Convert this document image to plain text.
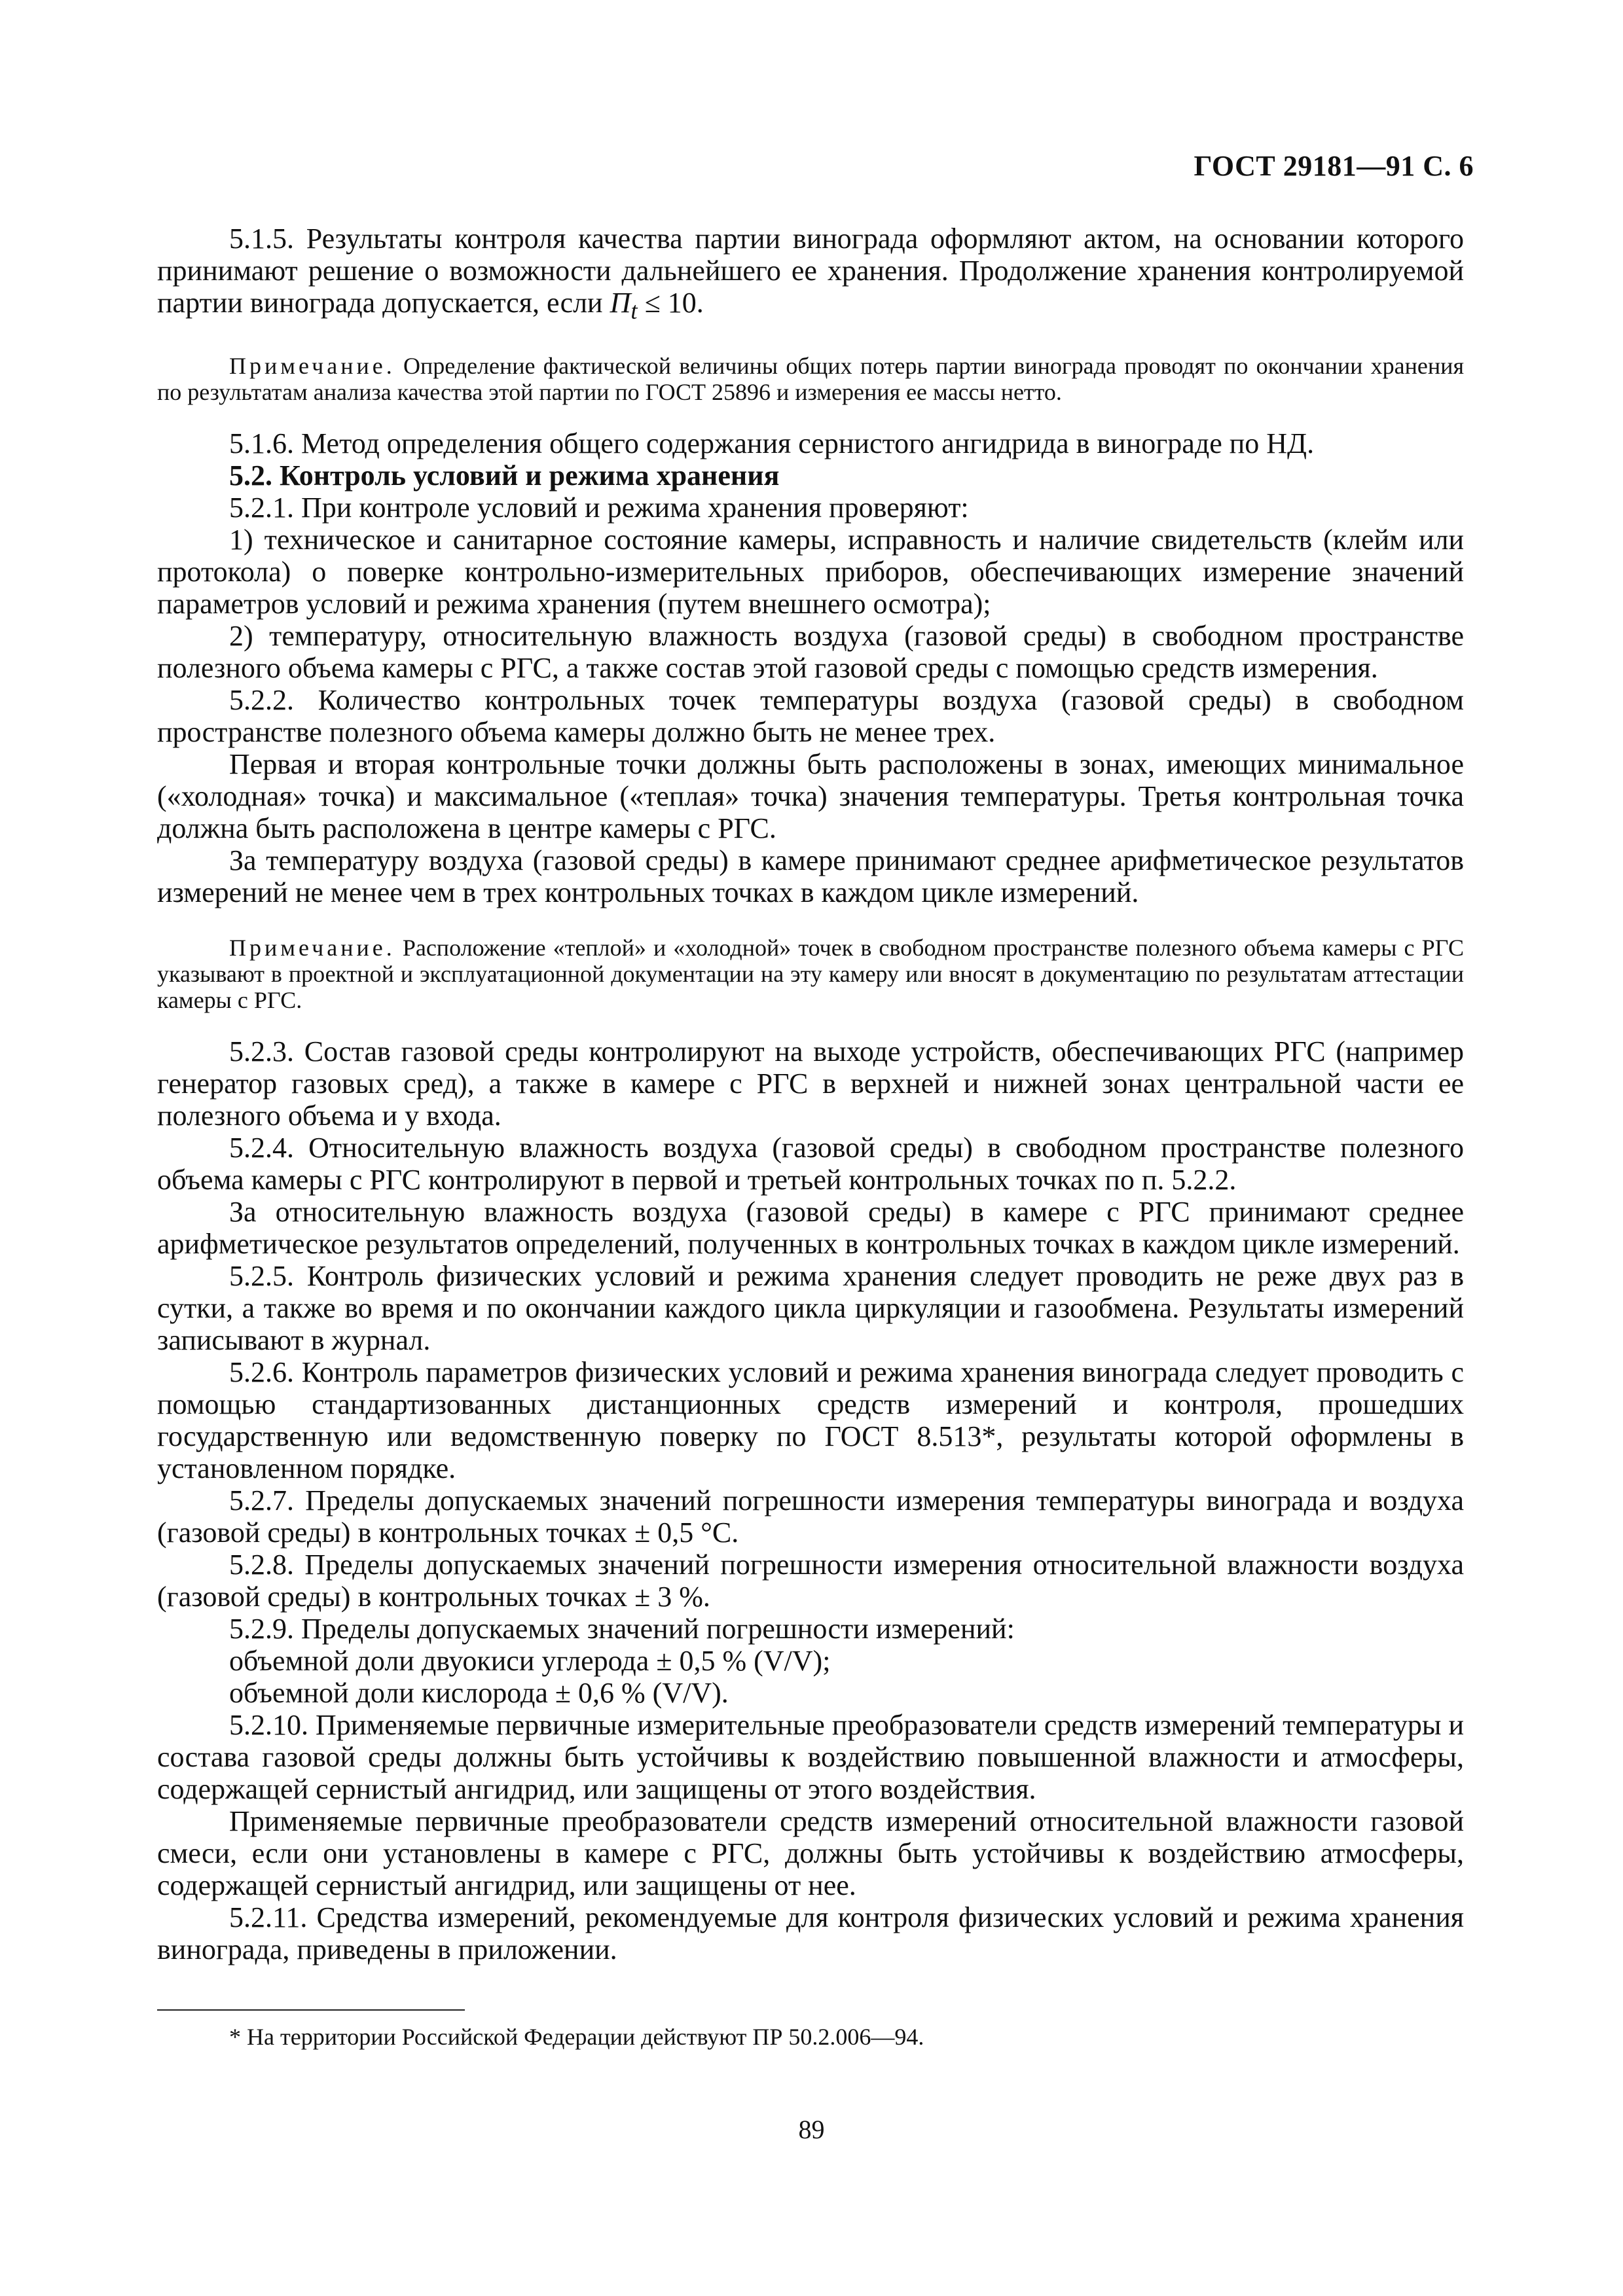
ГОСТ 29181—91 С. 6

5.1.5. Результаты контроля качества партии винограда оформляют актом, на основании которого принимают решение о возможности дальнейшего ее хранения. Продолжение хранения контролируемой партии винограда допускается, если $П_t \le 10$.

Примечание. Определение фактической величины общих потерь партии винограда проводят по окончании хранения по результатам анализа качества этой партии по ГОСТ 25896 и измерения ее массы нетто.

5.1.6. Метод определения общего содержания сернистого ангидрида в винограде по НД.

5.2. Контроль условий и режима хранения

5.2.1. При контроле условий и режима хранения проверяют:

1) техническое и санитарное состояние камеры, исправность и наличие свидетельств (клейм или протокола) о поверке контрольно-измерительных приборов, обеспечивающих измерение значений параметров условий и режима хранения (путем внешнего осмотра);

2) температуру, относительную влажность воздуха (газовой среды) в свободном пространстве полезного объема камеры с РГС, а также состав этой газовой среды с помощью средств измерения.

5.2.2. Количество контрольных точек температуры воздуха (газовой среды) в свободном пространстве полезного объема камеры должно быть не менее трех.

Первая и вторая контрольные точки должны быть расположены в зонах, имеющих минимальное («холодная» точка) и максимальное («теплая» точка) значения температуры. Третья контрольная точка должна быть расположена в центре камеры с РГС.

За температуру воздуха (газовой среды) в камере принимают среднее арифметическое результатов измерений не менее чем в трех контрольных точках в каждом цикле измерений.

Примечание. Расположение «теплой» и «холодной» точек в свободном пространстве полезного объема камеры с РГС указывают в проектной и эксплуатационной документации на эту камеру или вносят в документацию по результатам аттестации камеры с РГС.

5.2.3. Состав газовой среды контролируют на выходе устройств, обеспечивающих РГС (например генератор газовых сред), а также в камере с РГС в верхней и нижней зонах центральной части ее полезного объема и у входа.

5.2.4. Относительную влажность воздуха (газовой среды) в свободном пространстве полезного объема камеры с РГС контролируют в первой и третьей контрольных точках по п. 5.2.2.

За относительную влажность воздуха (газовой среды) в камере с РГС принимают среднее арифметическое результатов определений, полученных в контрольных точках в каждом цикле измерений.

5.2.5. Контроль физических условий и режима хранения следует проводить не реже двух раз в сутки, а также во время и по окончании каждого цикла циркуляции и газообмена. Результаты измерений записывают в журнал.

5.2.6. Контроль параметров физических условий и режима хранения винограда следует проводить с помощью стандартизованных дистанционных средств измерений и контроля, прошедших государственную или ведомственную поверку по ГОСТ 8.513*, результаты которой оформлены в установленном порядке.

5.2.7. Пределы допускаемых значений погрешности измерения температуры винограда и воздуха (газовой среды) в контрольных точках ± 0,5 °С.

5.2.8. Пределы допускаемых значений погрешности измерения относительной влажности воздуха (газовой среды) в контрольных точках ± 3 %.

5.2.9. Пределы допускаемых значений погрешности измерений:

объемной доли двуокиси углерода ± 0,5 % (V/V);

объемной доли кислорода ± 0,6 % (V/V).

5.2.10. Применяемые первичные измерительные преобразователи средств измерений температуры и состава газовой среды должны быть устойчивы к воздействию повышенной влажности и атмосферы, содержащей сернистый ангидрид, или защищены от этого воздействия.

Применяемые первичные преобразователи средств измерений относительной влажности газовой смеси, если они установлены в камере с РГС, должны быть устойчивы к воздействию атмосферы, содержащей сернистый ангидрид, или защищены от нее.

5.2.11. Средства измерений, рекомендуемые для контроля физических условий и режима хранения винограда, приведены в приложении.

* На территории Российской Федерации действуют ПР 50.2.006—94.
89
